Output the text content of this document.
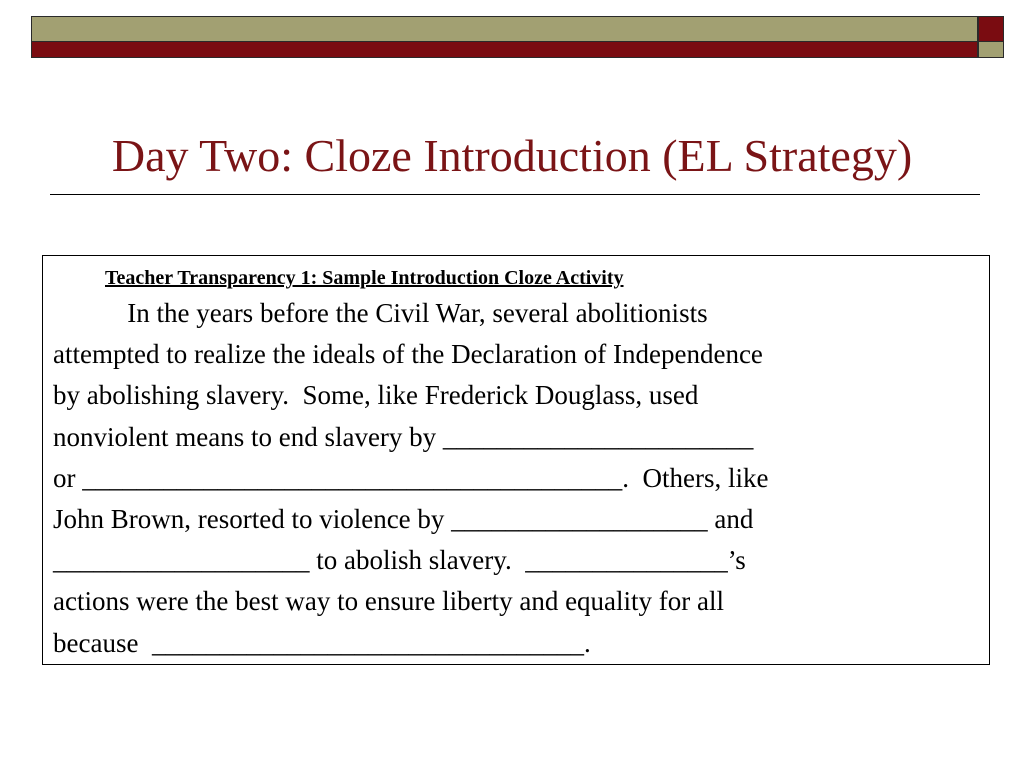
Day Two: Cloze Introduction (EL Strategy)
Teacher Transparency 1: Sample Introduction Cloze Activity
In the years before the Civil War, several abolitionists
attempted to realize the ideals of the Declaration of Independence
by abolishing slavery.  Some, like Frederick Douglass, used
nonviolent means to end slavery by _______________________
or ________________________________________.  Others, like
John Brown, resorted to violence by ___________________ and
___________________ to abolish slavery.  _______________’s
actions were the best way to ensure liberty and equality for all
because  ________________________________.
